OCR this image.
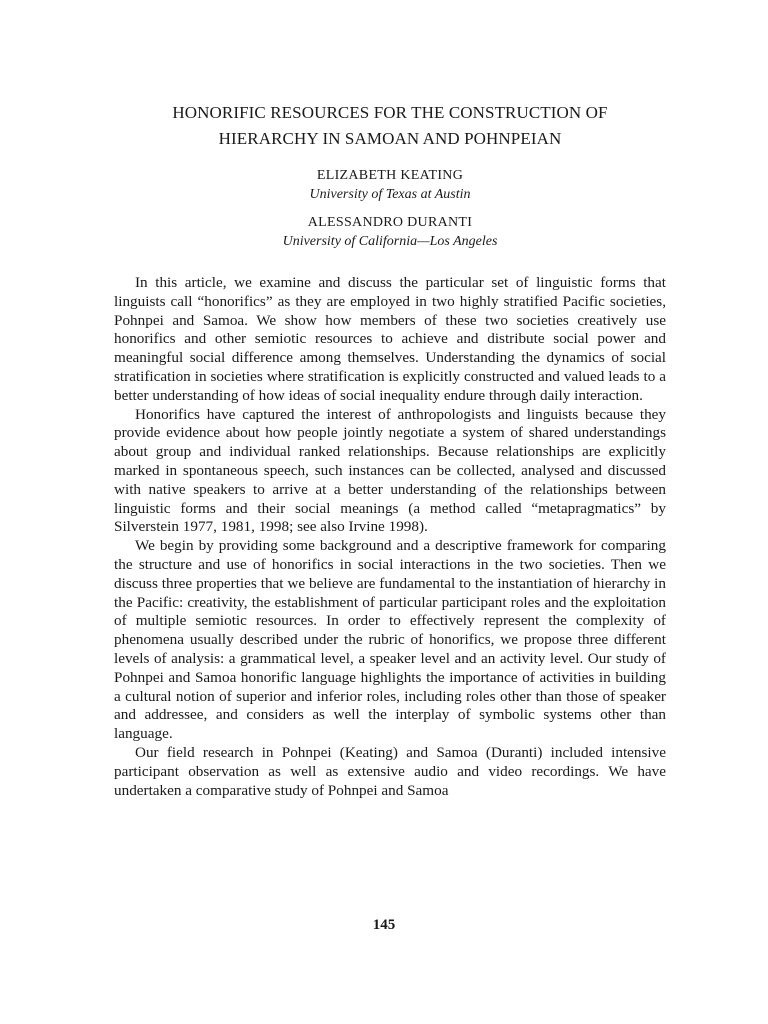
HONORIFIC RESOURCES FOR THE CONSTRUCTION OF
HIERARCHY IN SAMOAN AND POHNPEIAN
ELIZABETH KEATING
University of Texas at Austin
ALESSANDRO DURANTI
University of California—Los Angeles

In this article, we examine and discuss the particular set of linguistic forms that linguists call “honorifics” as they are employed in two highly stratified Pacific societies, Pohnpei and Samoa. We show how members of these two societies creatively use honorifics and other semiotic resources to achieve and distribute social power and meaningful social difference among themselves. Understanding the dynamics of social stratification in societies where stratification is explicitly constructed and valued leads to a better understanding of how ideas of social inequality endure through daily interaction.

Honorifics have captured the interest of anthropologists and linguists because they provide evidence about how people jointly negotiate a system of shared understandings about group and individual ranked relationships. Because relationships are explicitly marked in spontaneous speech, such instances can be collected, analysed and discussed with native speakers to arrive at a better understanding of the relationships between linguistic forms and their social meanings (a method called “metapragmatics” by Silverstein 1977, 1981, 1998; see also Irvine 1998).

We begin by providing some background and a descriptive framework for comparing the structure and use of honorifics in social interactions in the two societies. Then we discuss three properties that we believe are fundamental to the instantiation of hierarchy in the Pacific: creativity, the establishment of particular participant roles and the exploitation of multiple semiotic resources. In order to effectively represent the complexity of phenomena usually described under the rubric of honorifics, we propose three different levels of analysis: a grammatical level, a speaker level and an activity level. Our study of Pohnpei and Samoa honorific language highlights the importance of activities in building a cultural notion of superior and inferior roles, including roles other than those of speaker and addressee, and considers as well the interplay of symbolic systems other than language.

Our field research in Pohnpei (Keating) and Samoa (Duranti) included intensive participant observation as well as extensive audio and video recordings. We have undertaken a comparative study of Pohnpei and Samoa

145
